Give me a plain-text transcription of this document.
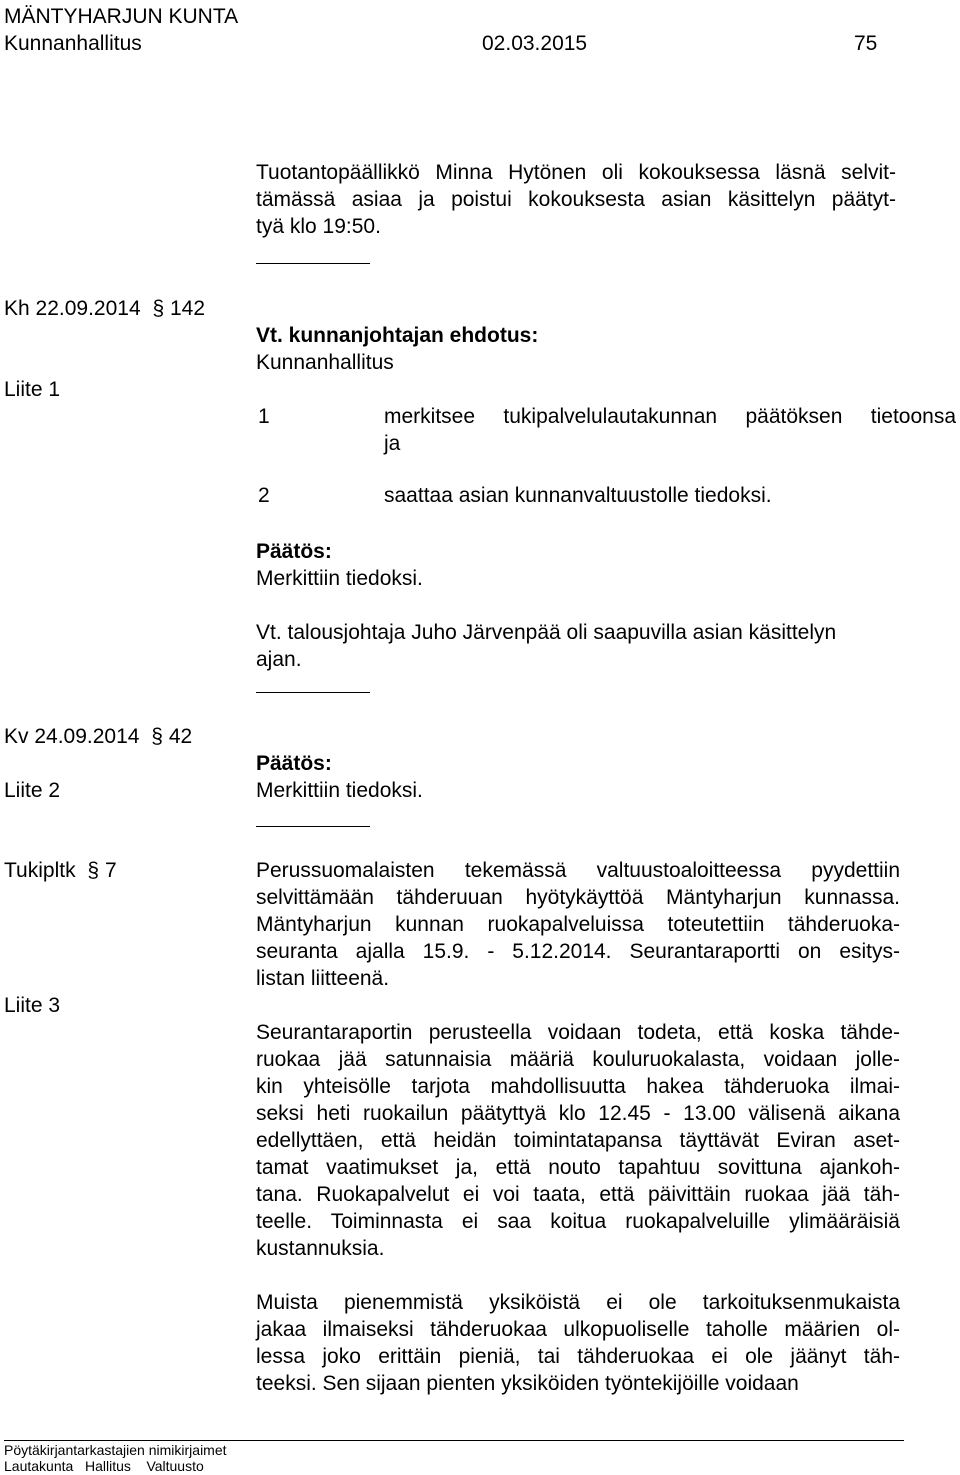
MÄNTYHARJUN KUNTA
Kunnanhallitus	02.03.2015	75
Tuotantopäällikkö Minna Hytönen oli kokouksessa läsnä selvit-
tämässä asiaa ja poistui kokouksesta asian käsittelyn päätyt-
tyä klo 19:50.
Kh 22.09.2014 § 142
Liite 1
Vt. kunnanjohtajan ehdotus:
Kunnanhallitus
1	merkitsee tukipalvelulautakunnan päätöksen tietoonsa
ja
2	saattaa asian kunnanvaltuustolle tiedoksi.
Päätös:
Merkittiin tiedoksi.
Vt. talousjohtaja Juho Järvenpää oli saapuvilla asian käsittelyn
ajan.
Kv 24.09.2014 § 42
Liite 2
Päätös:
Merkittiin tiedoksi.
Tukipltk § 7
Liite 3
Perussuomalaisten tekemässä valtuustoaloitteessa pyydettiin
selvittämään tähderuuan hyötykäyttöä Mäntyharjun kunnassa.
Mäntyharjun kunnan ruokapalveluissa toteutettiin tähderuoka-
seuranta ajalla 15.9. - 5.12.2014. Seurantaraportti on esitys-
listan liitteenä.
Seurantaraportin perusteella voidaan todeta, että koska tähde-
ruokaa jää satunnaisia määriä kouluruokalasta, voidaan jolle-
kin yhteisölle tarjota mahdollisuutta hakea tähderuoka ilmai-
seksi heti ruokailun päätyttyä klo 12.45 - 13.00 välisenä aikana
edellyttäen, että heidän toimintatapansa täyttävät Eviran aset-
tamat vaatimukset ja, että nouto tapahtuu sovittuna ajankoh-
tana. Ruokapalvelut ei voi taata, että päivittäin ruokaa jää täh-
teelle. Toiminnasta ei saa koitua ruokapalveluille ylimääräisiä
kustannuksia.
Muista pienemmistä yksiköistä ei ole tarkoituksenmukaista
jakaa ilmaiseksi tähderuokaa ulkopuoliselle taholle määrien ol-
lessa joko erittäin pieniä, tai tähderuokaa ei ole jäänyt täh-
teeksi. Sen sijaan pienten yksiköiden työntekijöille voidaan
Pöytäkirjantarkastajien nimikirjaimet
Lautakunta Hallitus Valtuusto
